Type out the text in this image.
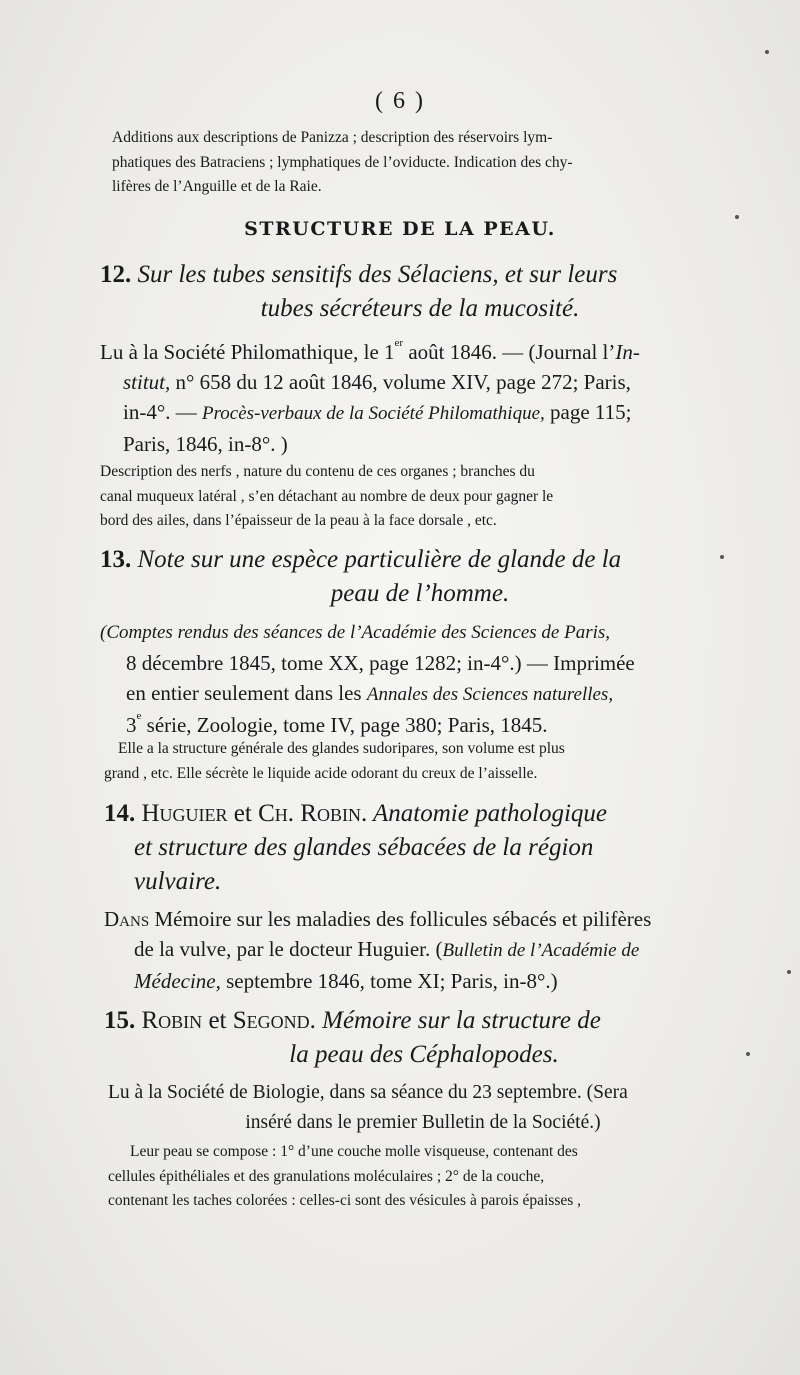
( 6 )
Additions aux descriptions de Panizza ; description des réservoirs lym-
phatiques des Batraciens ; lymphatiques de l’oviducte. Indication des chy-
lifères de l’Anguille et de la Raie.
STRUCTURE DE LA PEAU.
12. Sur les tubes sensitifs des Sélaciens, et sur leurs
tubes sécréteurs de la mucosité.
Lu à la Société Philomathique, le 1er août 1846. — (Journal l’In-
stitut, n° 658 du 12 août 1846, volume XIV, page 272; Paris,
in-4°. — Procès-verbaux de la Société Philomathique, page 115;
Paris, 1846, in-8°. )
Description des nerfs , nature du contenu de ces organes ; branches du
canal muqueux latéral , s’en détachant au nombre de deux pour gagner le
bord des ailes, dans l’épaisseur de la peau à la face dorsale , etc.
13. Note sur une espèce particulière de glande de la
peau de l’homme.
(Comptes rendus des séances de l’Académie des Sciences de Paris,
8 décembre 1845, tome XX, page 1282; in-4°.) — Imprimée
en entier seulement dans les Annales des Sciences naturelles,
3e série, Zoologie, tome IV, page 380; Paris, 1845.
Elle a la structure générale des glandes sudoripares, son volume est plus
grand , etc. Elle sécrète le liquide acide odorant du creux de l’aisselle.
14. Huguier et Ch. Robin. Anatomie pathologique
et structure des glandes sébacées de la région
vulvaire.
Dans Mémoire sur les maladies des follicules sébacés et pilifères
de la vulve, par le docteur Huguier. (Bulletin de l’Académie de
Médecine, septembre 1846, tome XI; Paris, in-8°.)
15. Robin et Segond. Mémoire sur la structure de
la peau des Céphalopodes.
Lu à la Société de Biologie, dans sa séance du 23 septembre. (Sera
inséré dans le premier Bulletin de la Société.)
Leur peau se compose : 1° d’une couche molle visqueuse, contenant des
cellules épithéliales et des granulations moléculaires ; 2° de la couche,
contenant les taches colorées : celles-ci sont des vésicules à parois épaisses ,
